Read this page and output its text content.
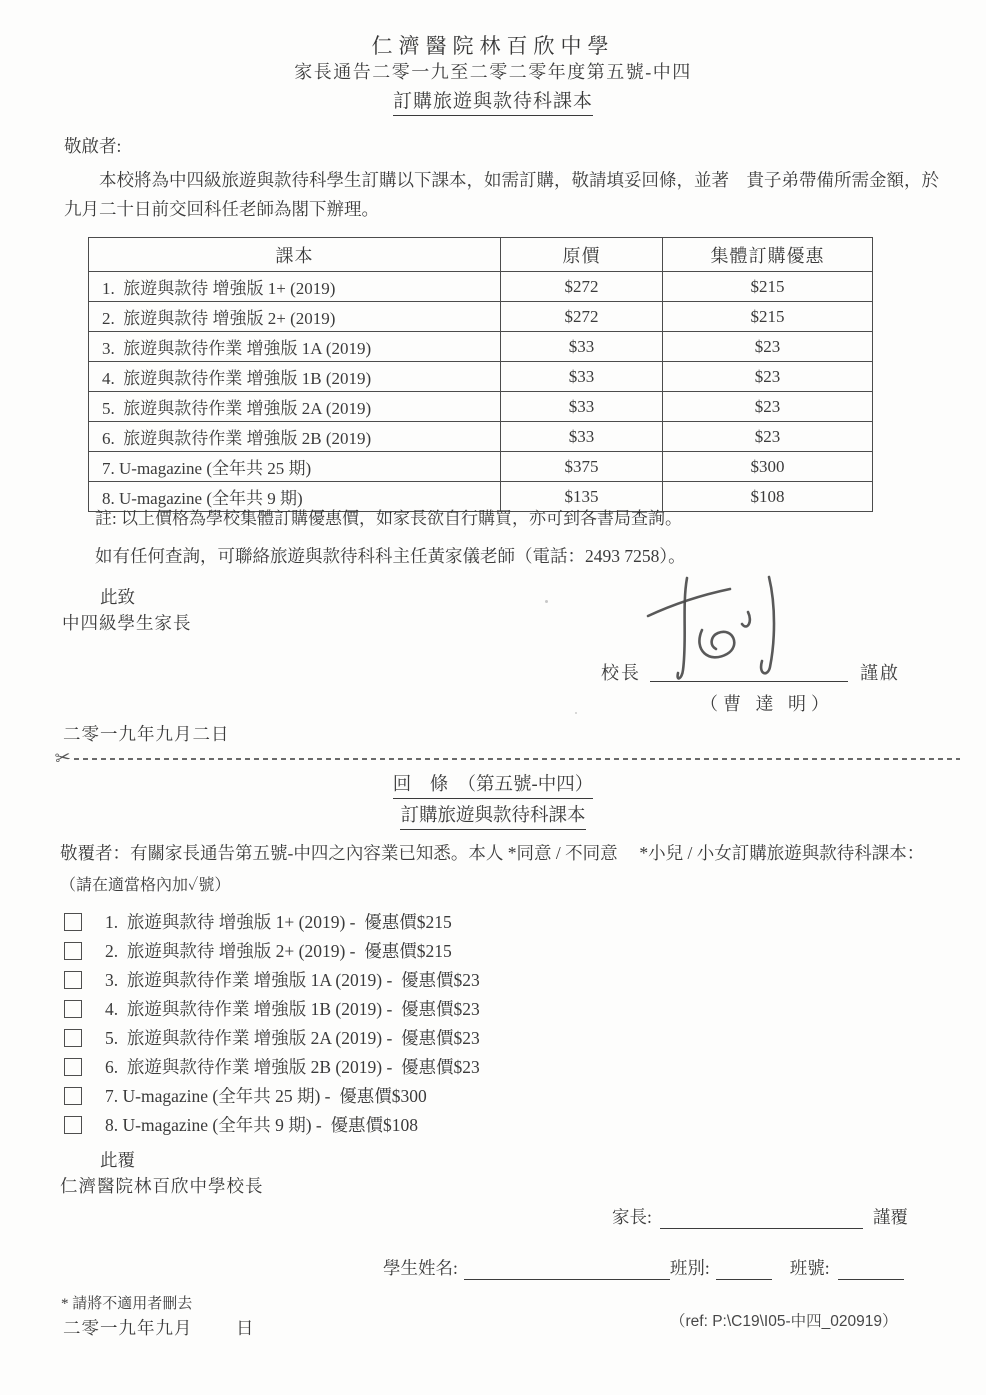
仁濟醫院林百欣中學
家長通告二零一九至二零二零年度第五號-中四
訂購旅遊與款待科課本
敬啟者:

本校將為中四級旅遊與款待科學生訂購以下課本，如需訂購，敬請填妥回條，並著　貴子弟帶備所需金額，於九月二十日前交回科任老師為閣下辦理。

課本	原價	集體訂購優惠
1.  旅遊與款待 增強版 1+ (2019)	$272	$215
2.  旅遊與款待 增強版 2+ (2019)	$272	$215
3.  旅遊與款待作業 增強版 1A (2019)	$33	$23
4.  旅遊與款待作業 增強版 1B (2019)	$33	$23
5.  旅遊與款待作業 增強版 2A (2019)	$33	$23
6.  旅遊與款待作業 增強版 2B (2019)	$33	$23
7. U-magazine (全年共 25 期)	$375	$300
8. U-magazine (全年共 9 期)	$135	$108
註: 以上價格為學校集體訂購優惠價，如家長欲自行購買，亦可到各書局查詢。
如有任何查詢，可聯絡旅遊與款待科科主任黃家儀老師（電話：2493 7258）。
此致
中四級學生家長
校長	謹啟
（曹 達 明）
二零一九年九月二日
✂
回　條　（第五號-中四）
訂購旅遊與款待科課本

敬覆者：有關家長通告第五號-中四之內容業已知悉。本人 *同意 / 不同意　 *小兒 / 小女訂購旅遊與款待科課本：　（請在適當格內加✓號）

1.  旅遊與款待 增強版 1+ (2019) -  優惠價$215
2.  旅遊與款待 增強版 2+ (2019) -  優惠價$215
3.  旅遊與款待作業 增強版 1A (2019) -  優惠價$23
4.  旅遊與款待作業 增強版 1B (2019) -  優惠價$23
5.  旅遊與款待作業 增強版 2A (2019) -  優惠價$23
6.  旅遊與款待作業 增強版 2B (2019) -  優惠價$23
7. U-magazine (全年共 25 期) -  優惠價$300
8. U-magazine (全年共 9 期) -  優惠價$108
此覆
仁濟醫院林百欣中學校長
家長:	謹覆
學生姓名:	班別:	班號:
* 請將不適用者刪去
二零一九年九月 日	（ref: P:\C19\I05-中四_020919）
